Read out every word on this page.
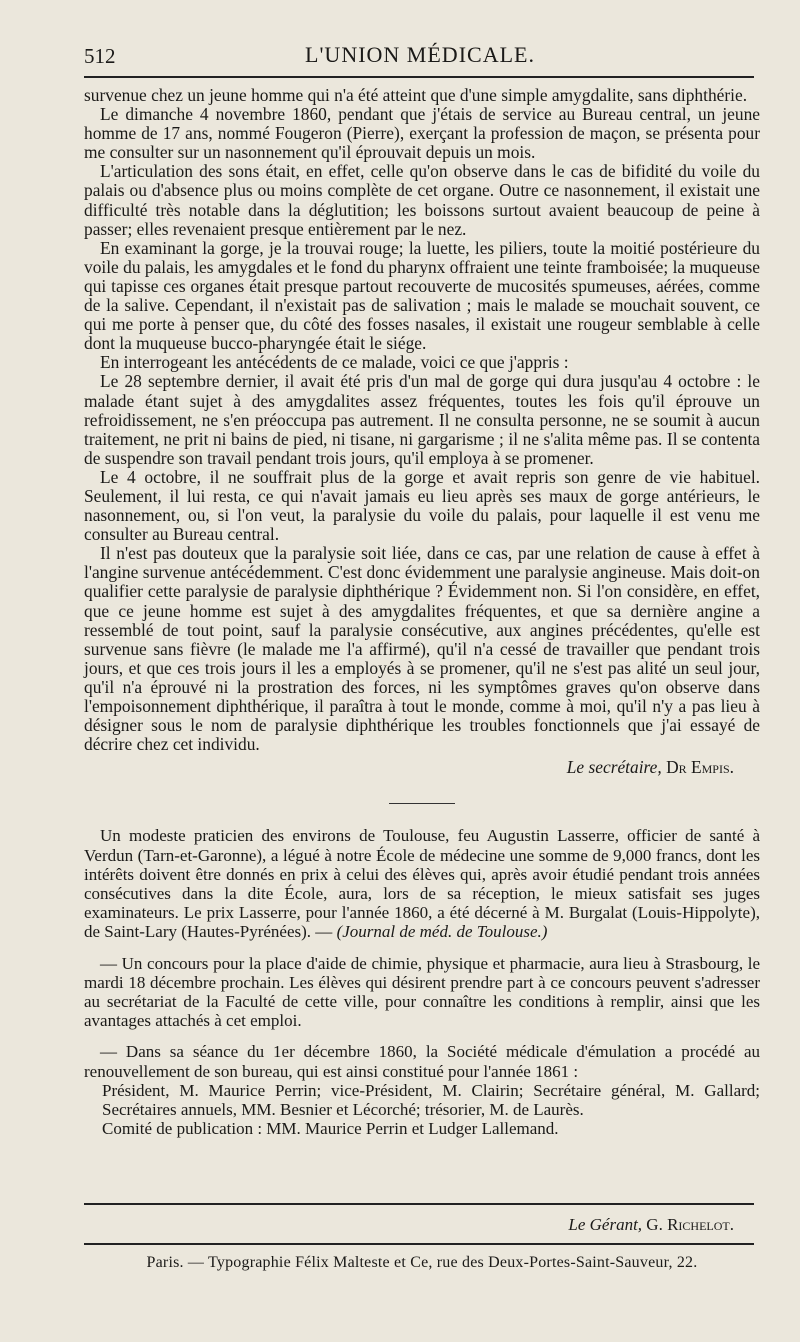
512	L'UNION MÉDICALE.

survenue chez un jeune homme qui n'a été atteint que d'une simple amygdalite, sans diphthérie.

Le dimanche 4 novembre 1860, pendant que j'étais de service au Bureau central, un jeune homme de 17 ans, nommé Fougeron (Pierre), exerçant la profession de maçon, se présenta pour me consulter sur un nasonnement qu'il éprouvait depuis un mois.

L'articulation des sons était, en effet, celle qu'on observe dans le cas de bifidité du voile du palais ou d'absence plus ou moins complète de cet organe. Outre ce nasonnement, il existait une difficulté très notable dans la déglutition; les boissons surtout avaient beaucoup de peine à passer; elles revenaient presque entièrement par le nez.

En examinant la gorge, je la trouvai rouge; la luette, les piliers, toute la moitié postérieure du voile du palais, les amygdales et le fond du pharynx offraient une teinte framboisée; la muqueuse qui tapisse ces organes était presque partout recouverte de mucosités spumeuses, aérées, comme de la salive. Cependant, il n'existait pas de salivation ; mais le malade se mouchait souvent, ce qui me porte à penser que, du côté des fosses nasales, il existait une rougeur semblable à celle dont la muqueuse bucco-pharyngée était le siége.

En interrogeant les antécédents de ce malade, voici ce que j'appris :

Le 28 septembre dernier, il avait été pris d'un mal de gorge qui dura jusqu'au 4 octobre : le malade étant sujet à des amygdalites assez fréquentes, toutes les fois qu'il éprouve un refroidissement, ne s'en préoccupa pas autrement. Il ne consulta personne, ne se soumit à aucun traitement, ne prit ni bains de pied, ni tisane, ni gargarisme ; il ne s'alita même pas. Il se contenta de suspendre son travail pendant trois jours, qu'il employa à se promener.

Le 4 octobre, il ne souffrait plus de la gorge et avait repris son genre de vie habituel. Seulement, il lui resta, ce qui n'avait jamais eu lieu après ses maux de gorge antérieurs, le nasonnement, ou, si l'on veut, la paralysie du voile du palais, pour laquelle il est venu me consulter au Bureau central.

Il n'est pas douteux que la paralysie soit liée, dans ce cas, par une relation de cause à effet à l'angine survenue antécédemment. C'est donc évidemment une paralysie angineuse. Mais doit-on qualifier cette paralysie de paralysie diphthérique ? Évidemment non. Si l'on considère, en effet, que ce jeune homme est sujet à des amygdalites fréquentes, et que sa dernière angine a ressemblé de tout point, sauf la paralysie consécutive, aux angines précédentes, qu'elle est survenue sans fièvre (le malade me l'a affirmé), qu'il n'a cessé de travailler que pendant trois jours, et que ces trois jours il les a employés à se promener, qu'il ne s'est pas alité un seul jour, qu'il n'a éprouvé ni la prostration des forces, ni les symptômes graves qu'on observe dans l'empoisonnement diphthérique, il paraîtra à tout le monde, comme à moi, qu'il n'y a pas lieu à désigner sous le nom de paralysie diphthérique les troubles fonctionnels que j'ai essayé de décrire chez cet individu.

Le secrétaire, Dr Empis.

Un modeste praticien des environs de Toulouse, feu Augustin Lasserre, officier de santé à Verdun (Tarn-et-Garonne), a légué à notre École de médecine une somme de 9,000 francs, dont les intérêts doivent être donnés en prix à celui des élèves qui, après avoir étudié pendant trois années consécutives dans la dite École, aura, lors de sa réception, le mieux satisfait ses juges examinateurs. Le prix Lasserre, pour l'année 1860, a été décerné à M. Burgalat (Louis-Hippolyte), de Saint-Lary (Hautes-Pyrénées). — (Journal de méd. de Toulouse.)

— Un concours pour la place d'aide de chimie, physique et pharmacie, aura lieu à Strasbourg, le mardi 18 décembre prochain. Les élèves qui désirent prendre part à ce concours peuvent s'adresser au secrétariat de la Faculté de cette ville, pour connaître les conditions à remplir, ainsi que les avantages attachés à cet emploi.

— Dans sa séance du 1er décembre 1860, la Société médicale d'émulation a procédé au renouvellement de son bureau, qui est ainsi constitué pour l'année 1861 :

Président, M. Maurice Perrin; vice-Président, M. Clairin; Secrétaire général, M. Gallard; Secrétaires annuels, MM. Besnier et Lécorché; trésorier, M. de Laurès.

Comité de publication : MM. Maurice Perrin et Ludger Lallemand.

Le Gérant, G. Richelot.
Paris. — Typographie Félix Malteste et Ce, rue des Deux-Portes-Saint-Sauveur, 22.
